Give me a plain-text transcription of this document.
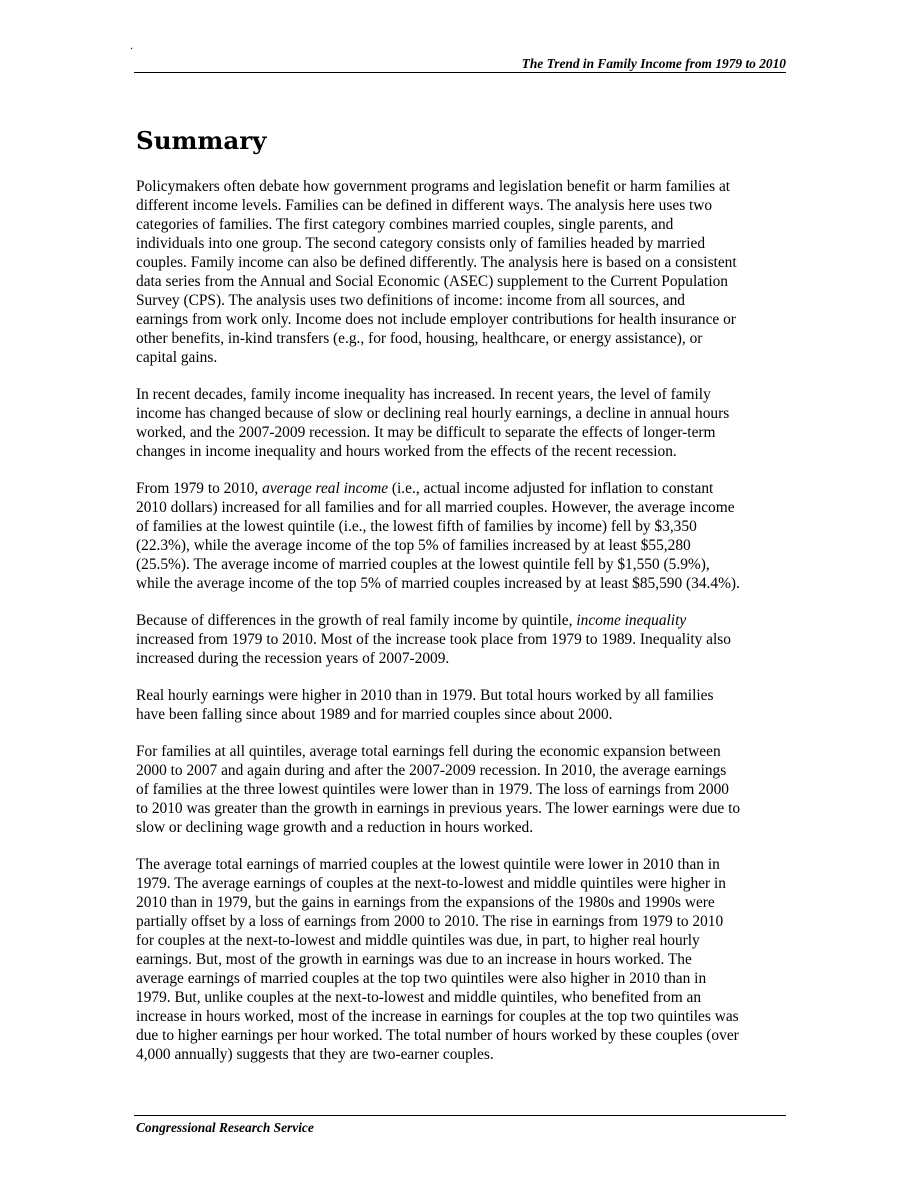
.
The Trend in Family Income from 1979 to 2010
Summary

Policymakers often debate how government programs and legislation benefit or harm families at
different income levels. Families can be defined in different ways. The analysis here uses two
categories of families. The first category combines married couples, single parents, and
individuals into one group. The second category consists only of families headed by married
couples. Family income can also be defined differently. The analysis here is based on a consistent
data series from the Annual and Social Economic (ASEC) supplement to the Current Population
Survey (CPS). The analysis uses two definitions of income: income from all sources, and
earnings from work only. Income does not include employer contributions for health insurance or
other benefits, in-kind transfers (e.g., for food, housing, healthcare, or energy assistance), or
capital gains.

In recent decades, family income inequality has increased. In recent years, the level of family
income has changed because of slow or declining real hourly earnings, a decline in annual hours
worked, and the 2007-2009 recession. It may be difficult to separate the effects of longer-term
changes in income inequality and hours worked from the effects of the recent recession.

From 1979 to 2010, average real income (i.e., actual income adjusted for inflation to constant
2010 dollars) increased for all families and for all married couples. However, the average income
of families at the lowest quintile (i.e., the lowest fifth of families by income) fell by $3,350
(22.3%), while the average income of the top 5% of families increased by at least $55,280
(25.5%). The average income of married couples at the lowest quintile fell by $1,550 (5.9%),
while the average income of the top 5% of married couples increased by at least $85,590 (34.4%).

Because of differences in the growth of real family income by quintile, income inequality
increased from 1979 to 2010. Most of the increase took place from 1979 to 1989. Inequality also
increased during the recession years of 2007-2009.

Real hourly earnings were higher in 2010 than in 1979. But total hours worked by all families
have been falling since about 1989 and for married couples since about 2000.

For families at all quintiles, average total earnings fell during the economic expansion between
2000 to 2007 and again during and after the 2007-2009 recession. In 2010, the average earnings
of families at the three lowest quintiles were lower than in 1979. The loss of earnings from 2000
to 2010 was greater than the growth in earnings in previous years. The lower earnings were due to
slow or declining wage growth and a reduction in hours worked.

The average total earnings of married couples at the lowest quintile were lower in 2010 than in
1979. The average earnings of couples at the next-to-lowest and middle quintiles were higher in
2010 than in 1979, but the gains in earnings from the expansions of the 1980s and 1990s were
partially offset by a loss of earnings from 2000 to 2010. The rise in earnings from 1979 to 2010
for couples at the next-to-lowest and middle quintiles was due, in part, to higher real hourly
earnings. But, most of the growth in earnings was due to an increase in hours worked. The
average earnings of married couples at the top two quintiles were also higher in 2010 than in
1979. But, unlike couples at the next-to-lowest and middle quintiles, who benefited from an
increase in hours worked, most of the increase in earnings for couples at the top two quintiles was
due to higher earnings per hour worked. The total number of hours worked by these couples (over
4,000 annually) suggests that they are two-earner couples.

Congressional Research Service
